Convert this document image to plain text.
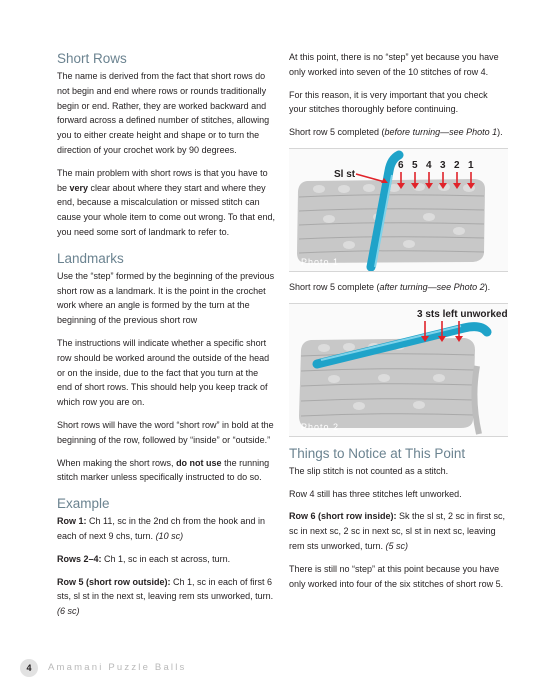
Short Rows

The name is derived from the fact that short rows do not begin and end where rows or rounds traditionally begin or end. Rather, they are worked backward and forward across a defined number of stitches, allowing you to either create height and shape or to turn the direction of your crochet work by 90 degrees.

The main problem with short rows is that you have to be very clear about where they start and where they end, because a miscalculation or missed stitch can cause your whole item to come out wrong. To that end, you need some sort of landmark to refer to.

Landmarks

Use the “step” formed by the beginning of the previous short row as a landmark. It is the point in the crochet work where an angle is formed by the turn at the beginning of the previous short row

The instructions will indicate whether a specific short row should be worked around the outside of the head or on the inside, due to the fact that you turn at the end of short rows. This should help you keep track of which row you are on.

Short rows will have the word “short row” in bold at the beginning of the row, followed by “inside” or “outside.”

When making the short rows, do not use the running stitch marker unless specifically instructed to do so.

Example

Row 1: Ch 11, sc in the 2nd ch from the hook and in each of next 9 chs, turn. (10 sc)

Rows 2–4: Ch 1, sc in each st across, turn.

Row 5 (short row outside): Ch 1, sc in each of first 6 sts, sl st in the next st, leaving rem sts unworked, turn. (6 sc)

At this point, there is no “step” yet because you have only worked into seven of the 10 stitches of row 4.

For this reason, it is very important that you check your stitches thoroughly before continuing.

Short row 5 completed (before turning—see Photo 1).

Sl st
6 5 4 3 2 1
Photo 1

Short row 5 complete (after turning—see Photo 2).

3 sts left unworked
Photo 2
Things to Notice at This Point

The slip stitch is not counted as a stitch.

Row 4 still has three stitches left unworked.

Row 6 (short row inside): Sk the sl st, 2 sc in first sc, sc in next sc, 2 sc in next sc, sl st in next sc, leaving rem sts unworked, turn. (5 sc)

There is still no “step” at this point because you have only worked into four of the six stitches of short row 5.

4	Amamani Puzzle Balls
